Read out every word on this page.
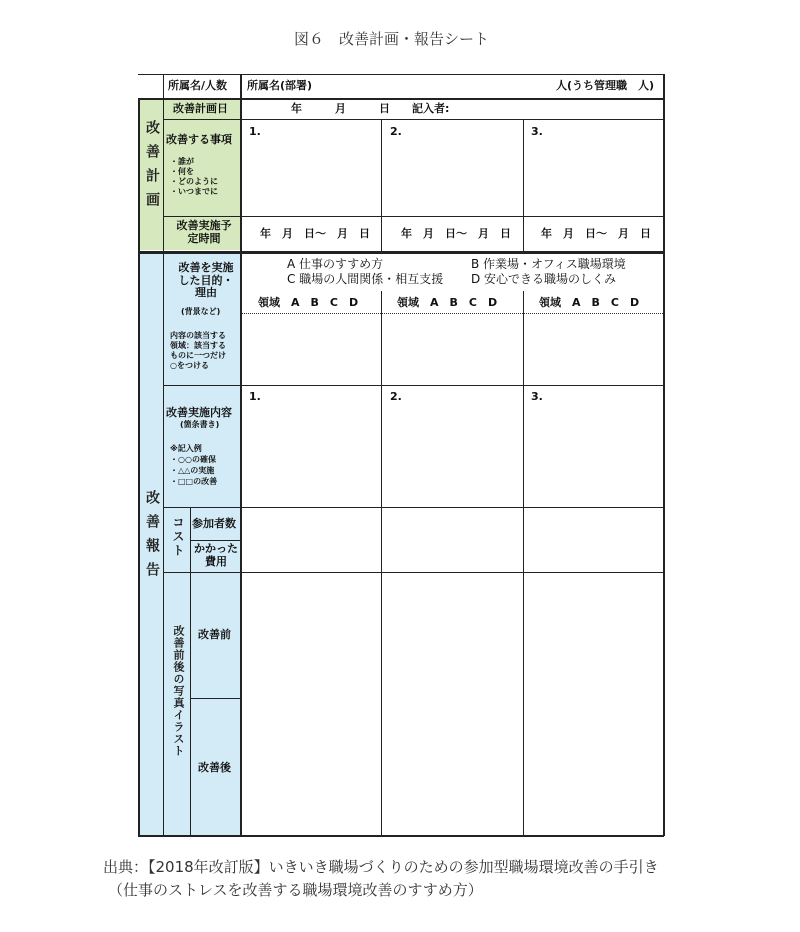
図６　改善計画・報告シート
所属名/人数 所属名(部署)	人(うち管理職　人)
改善計画
改善計画日	年　　　月　　　日　　記入者:
改善する事項
・誰が
・何を
・どのように
・いつまでに
1.	2.	3.
改善実施予定時間	年　月　日～　月　日	年　月　日～　月　日	年　月　日～　月　日
改善報告
改善を実施した目的・理由
(背景など)
内容の該当する
領域：該当する
ものに一つだけ
○をつける
A 仕事のすすめ方	B 作業場・オフィス職場環境
C 職場の人間関係・相互支援 D 安心できる職場のしくみ
領域　A　B　C　D	領域　A　B　C　D	領域　A　B　C　D
改善実施内容
(箇条書き)
※記入例
・○○の確保
・△△の実施
・□□の改善
1.	2.	3.
コスト 参加者数
かかった費用
改善前後の写真イラスト 改善前
改善後
出典：【2018年改訂版】いきいき職場づくりのための参加型職場環境改善の手引き
（仕事のストレスを改善する職場環境改善のすすめ方）
